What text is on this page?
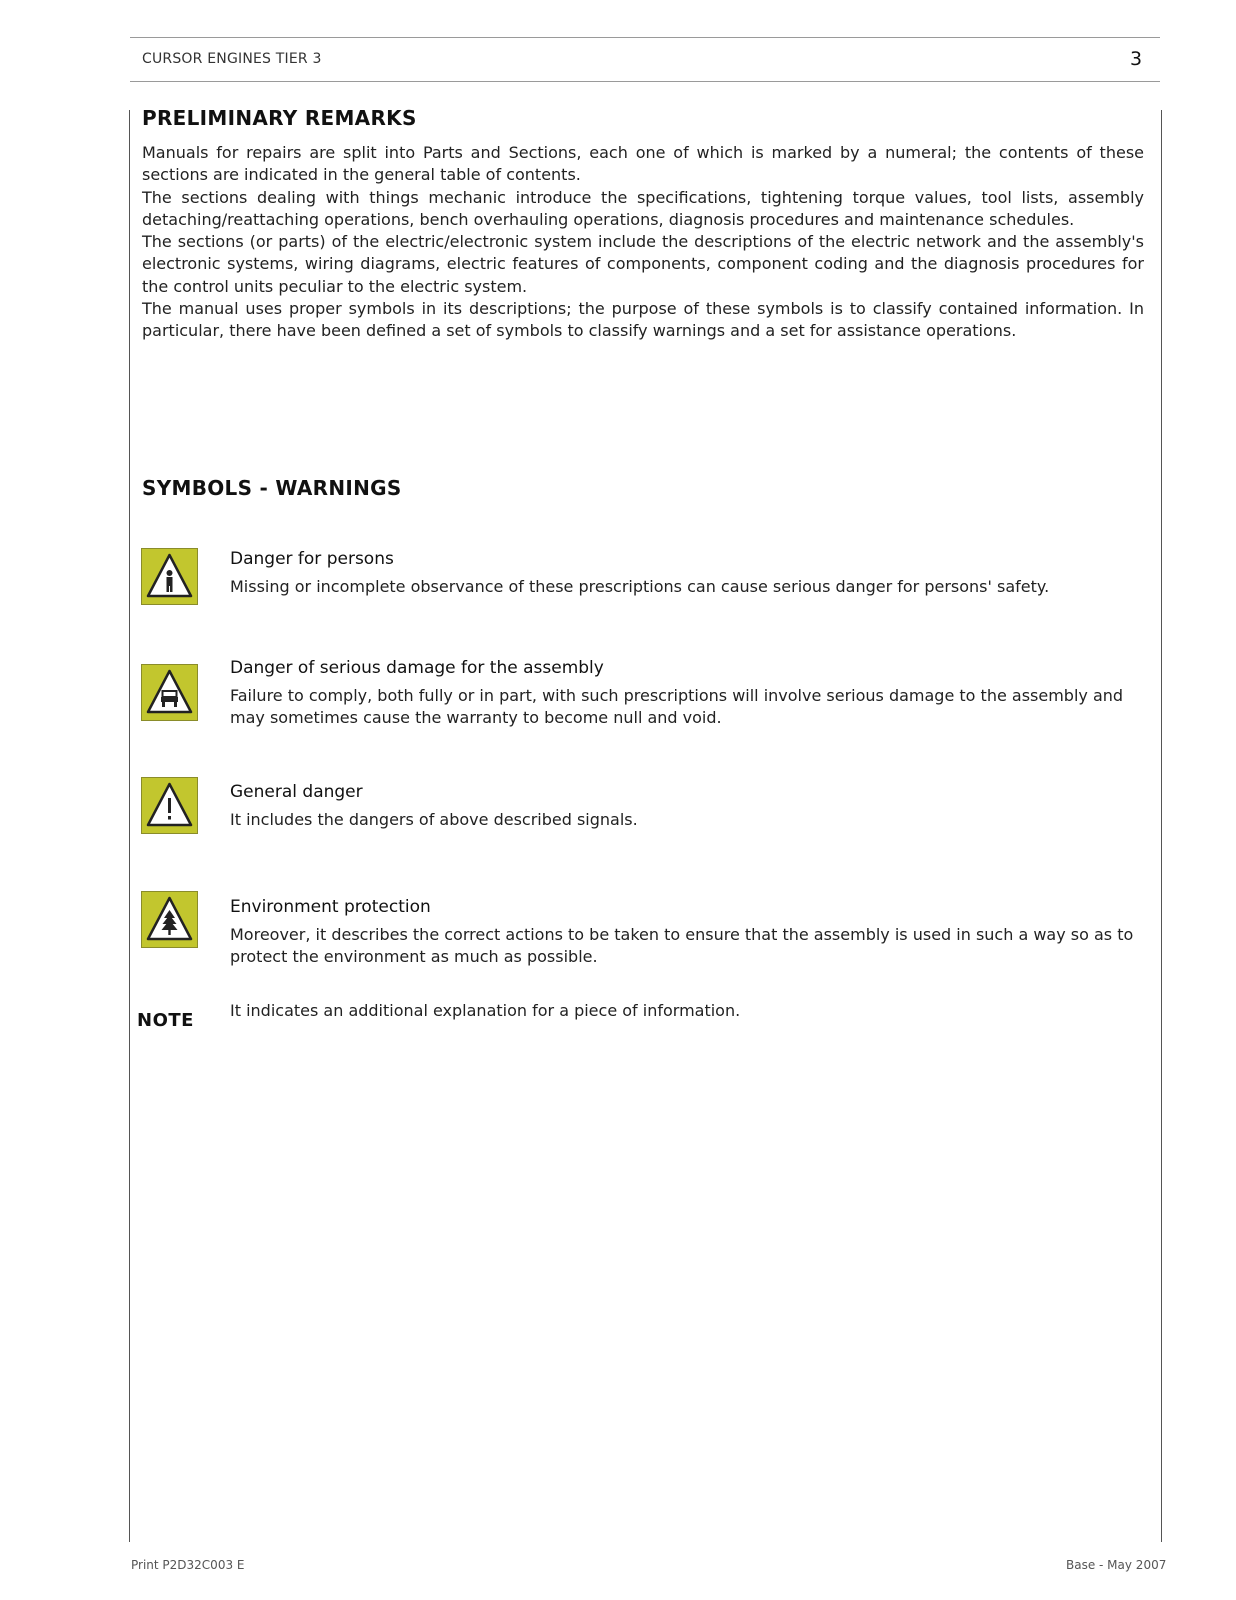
CURSOR ENGINES TIER 3	3
PRELIMINARY REMARKS

Manuals for repairs are split into Parts and Sections, each one of which is marked by a numeral; the contents of these sections are indicated in the general table of contents.

The sections dealing with things mechanic introduce the specifications, tightening torque values, tool lists, assembly detaching/reattaching operations, bench overhauling operations, diagnosis procedures and maintenance schedules.

The sections (or parts) of the electric/electronic system include the descriptions of the electric network and the assembly's electronic systems, wiring diagrams, electric features of components, component coding and the diagnosis procedures for the control units peculiar to the electric system.

The manual uses proper symbols in its descriptions; the purpose of these symbols is to classify contained information. In particular, there have been defined a set of symbols to classify warnings and a set for assistance operations.

SYMBOLS - WARNINGS
Danger for persons

Missing or incomplete observance of these prescriptions can cause serious danger for persons' safety.

Danger of serious damage for the assembly

Failure to comply, both fully or in part, with such prescriptions will involve serious damage to the assembly and may sometimes cause the warranty to become null and void.

General danger

It includes the dangers of above described signals.

Environment protection

Moreover, it describes the correct actions to be taken to ensure that the assembly is used in such a way so as to protect the environment as much as possible.

NOTE It indicates an additional explanation for a piece of information.

Print P2D32C003 E	Base - May 2007
